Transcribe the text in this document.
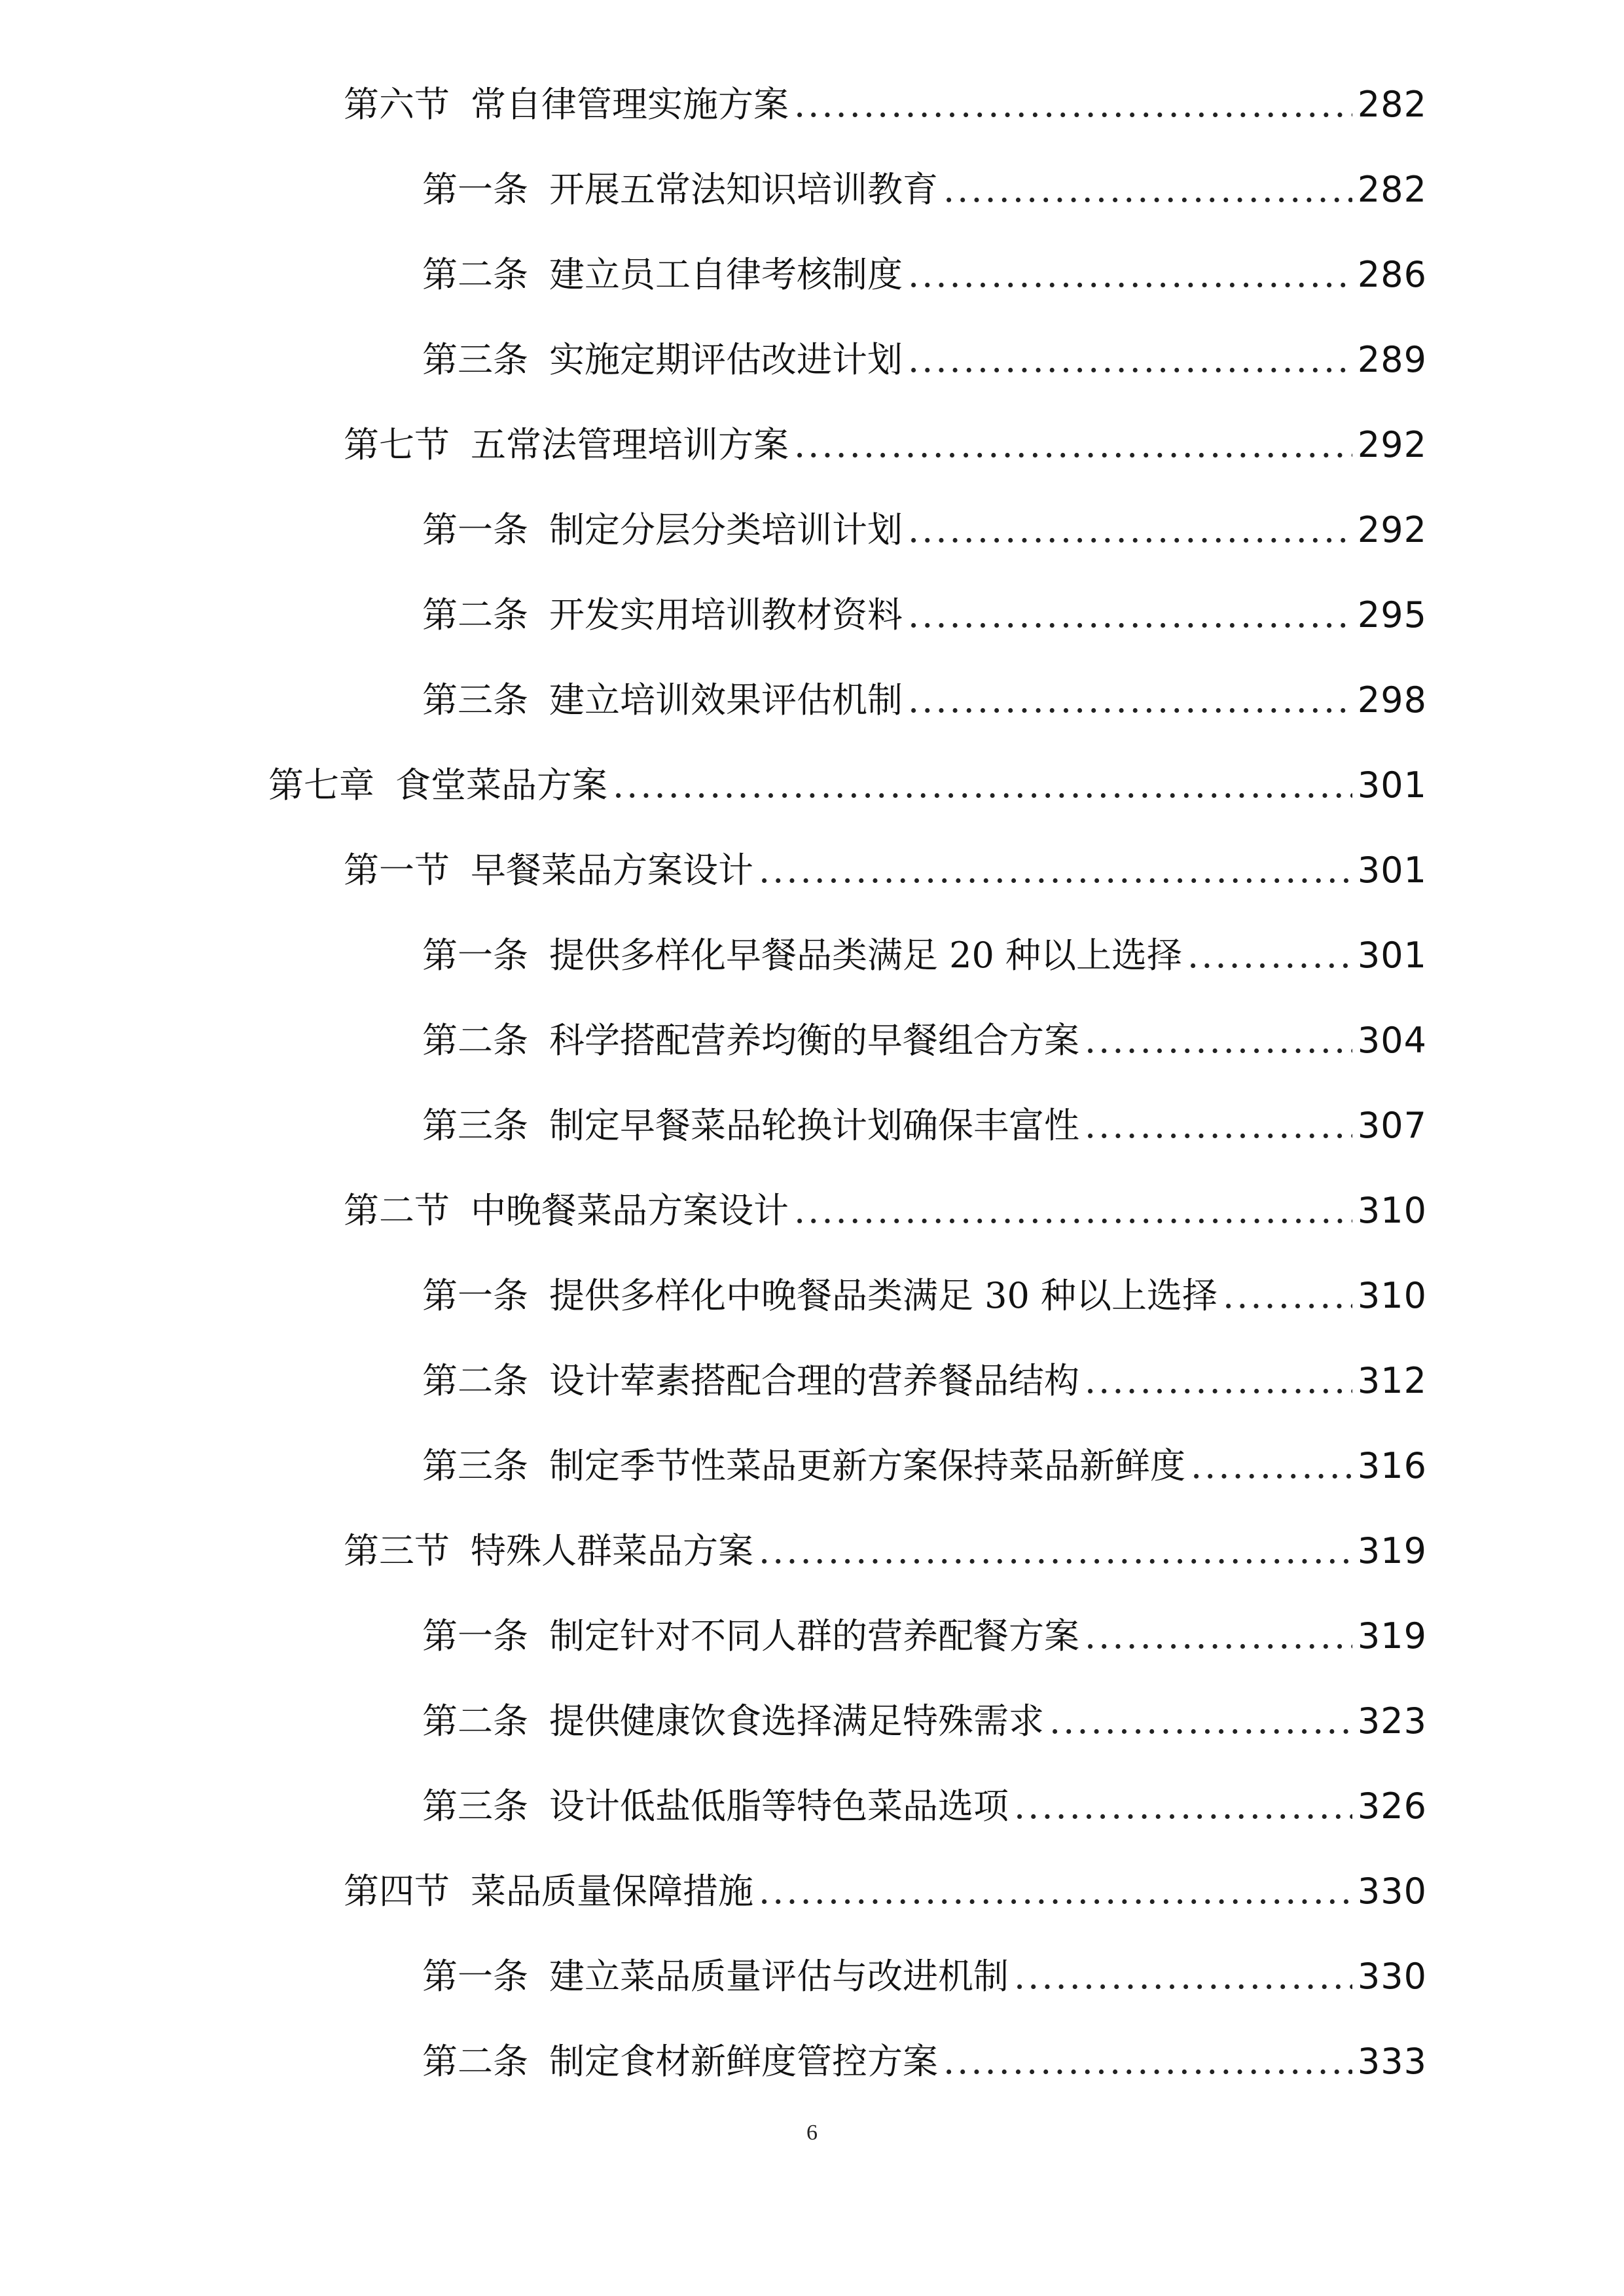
第六节 常自律管理实施方案 .....	282
第一条 开展五常法知识培训教育 .....	282
第二条 建立员工自律考核制度 .....	286
第三条 实施定期评估改进计划 .....	289
第七节 五常法管理培训方案 .....	292
第一条 制定分层分类培训计划 .....	292
第二条 开发实用培训教材资料 .....	295
第三条 建立培训效果评估机制 .....	298
第七章 食堂菜品方案 .....	301
第一节 早餐菜品方案设计 .....	301
第一条 提供多样化早餐品类满足 20 种以上选择 .....	301
第二条 科学搭配营养均衡的早餐组合方案 .....	304
第三条 制定早餐菜品轮换计划确保丰富性 .....	307
第二节 中晚餐菜品方案设计 .....	310
第一条 提供多样化中晚餐品类满足 30 种以上选择 .....	310
第二条 设计荤素搭配合理的营养餐品结构 .....	312
第三条 制定季节性菜品更新方案保持菜品新鲜度 .....	316
第三节 特殊人群菜品方案 .....	319
第一条 制定针对不同人群的营养配餐方案 .....	319
第二条 提供健康饮食选择满足特殊需求 .....	323
第三条 设计低盐低脂等特色菜品选项 .....	326
第四节 菜品质量保障措施 .....	330
第一条 建立菜品质量评估与改进机制 .....	330
第二条 制定食材新鲜度管控方案 .....	333
6
